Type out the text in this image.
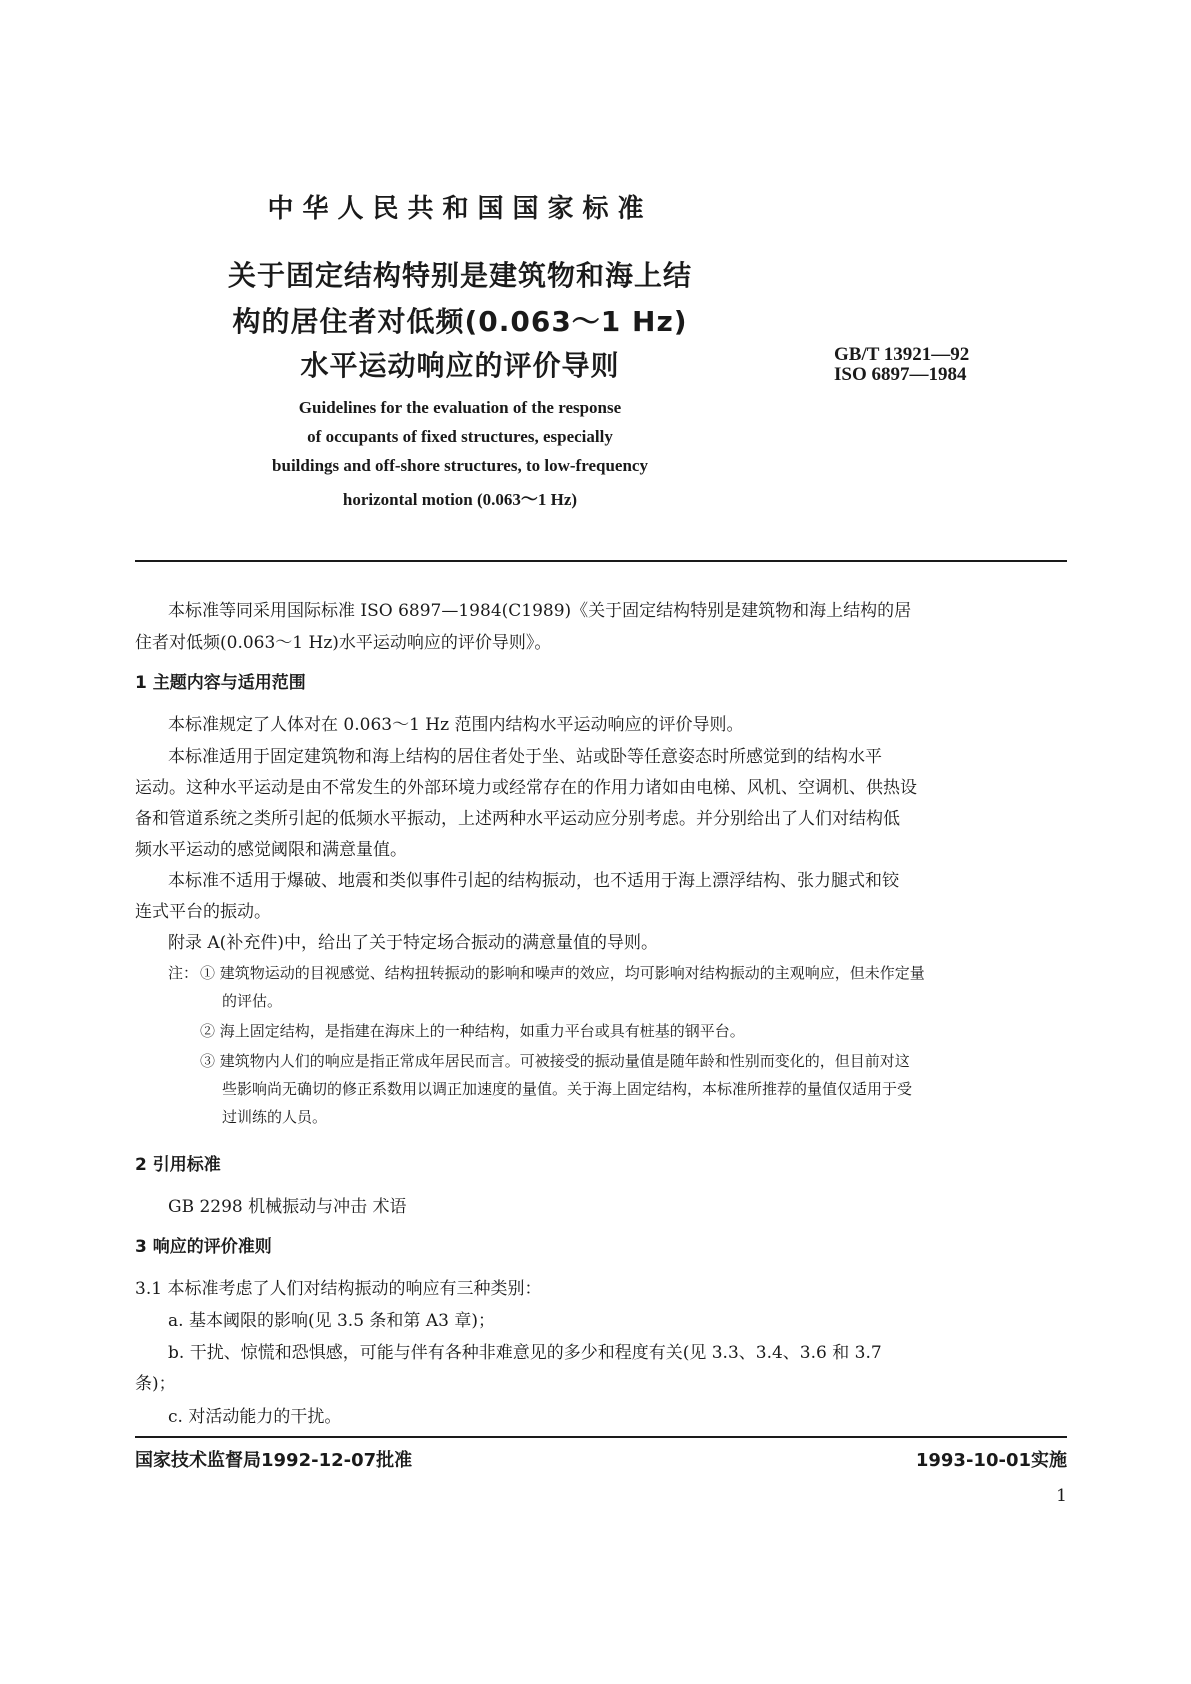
中华人民共和国国家标准
关于固定结构特别是建筑物和海上结
构的居住者对低频(0.063～1 Hz)
水平运动响应的评价导则	GB/T 13921—92
ISO 6897—1984
Guidelines for the evaluation of the response
of occupants of fixed structures, especially
buildings and off-shore structures, to low-frequency
horizontal motion (0.063～1 Hz)
本标准等同采用国际标准 ISO 6897—1984(C1989)《关于固定结构特别是建筑物和海上结构的居
住者对低频(0.063～1 Hz)水平运动响应的评价导则》。
1 主题内容与适用范围
本标准规定了人体对在 0.063～1 Hz 范围内结构水平运动响应的评价导则。
本标准适用于固定建筑物和海上结构的居住者处于坐、站或卧等任意姿态时所感觉到的结构水平
运动。这种水平运动是由不常发生的外部环境力或经常存在的作用力诸如由电梯、风机、空调机、供热设
备和管道系统之类所引起的低频水平振动，上述两种水平运动应分别考虑。并分别给出了人们对结构低
频水平运动的感觉阈限和满意量值。
本标准不适用于爆破、地震和类似事件引起的结构振动，也不适用于海上漂浮结构、张力腿式和铰
连式平台的振动。
附录 A(补充件)中，给出了关于特定场合振动的满意量值的导则。
注： ① 建筑物运动的目视感觉、结构扭转振动的影响和噪声的效应，均可影响对结构振动的主观响应，但未作定量
的评估。
② 海上固定结构，是指建在海床上的一种结构，如重力平台或具有桩基的钢平台。
③ 建筑物内人们的响应是指正常成年居民而言。可被接受的振动量值是随年龄和性别而变化的，但目前对这
些影响尚无确切的修正系数用以调正加速度的量值。关于海上固定结构，本标准所推荐的量值仅适用于受
过训练的人员。
2 引用标准
GB 2298 机械振动与冲击 术语
3 响应的评价准则
3.1 本标准考虑了人们对结构振动的响应有三种类别：
a. 基本阈限的影响(见 3.5 条和第 A3 章)；
b. 干扰、惊慌和恐惧感，可能与伴有各种非难意见的多少和程度有关(见 3.3、3.4、3.6 和 3.7
条)；
c. 对活动能力的干扰。
国家技术监督局1992-12-07批准	1993-10-01实施
1
